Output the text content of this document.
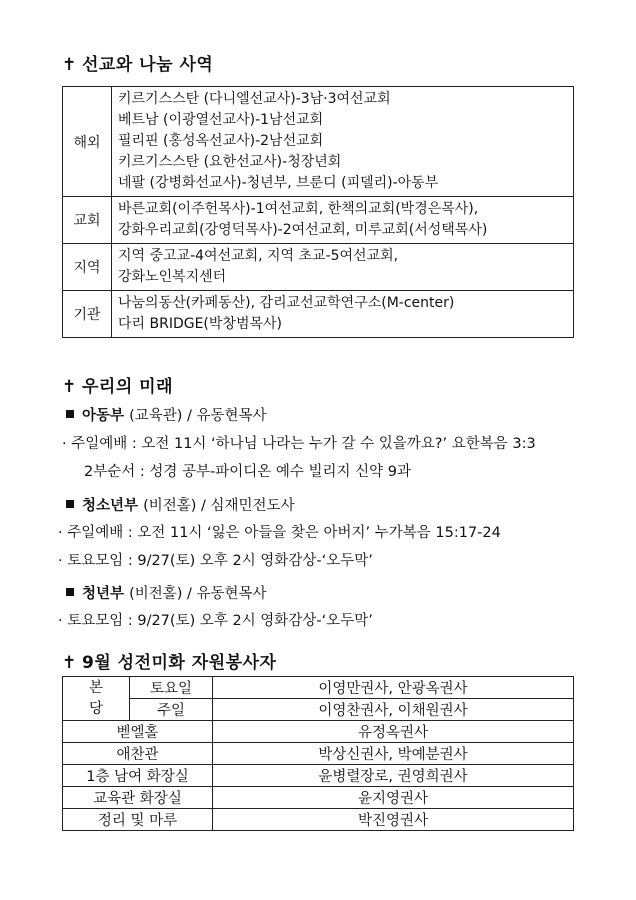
✝ 선교와 나눔 사역
해외	키르기스스탄 (다니엘선교사)-3남·3여선교회
베트남 (이광열선교사)-1남선교회
필리핀 (홍성옥선교사)-2남선교회
키르기스스탄 (요한선교사)-청장년회
네팔 (강병화선교사)-청년부, 브룬디 (피델리)-아동부

교회	바른교회(이주헌목사)-1여선교회, 한책의교회(박경은목사),
강화우리교회(강영덕목사)-2여선교회, 미루교회(서성택목사)

지역	지역 중고교-4여선교회, 지역 초교-5여선교회,
강화노인복지센터

기관	나눔의동산(카페동산), 감리교선교학연구소(M-center)
다리 BRIDGE(박창범목사)
✝ 우리의 미래
아동부 (교육관) / 유동현목사
· 주일예배 : 오전 11시 ‘하나님 나라는 누가 갈 수 있을까요?’ 요한복음 3:3
2부순서 : 성경 공부-파이디온 예수 빌리지 신약 9과
청소년부 (비전홀) / 심재민전도사
· 주일예배 : 오전 11시 ‘잃은 아들을 찾은 아버지’ 누가복음 15:17-24
· 토요모임 : 9/27(토) 오후 2시 영화감상-‘오두막’
청년부 (비전홀) / 유동현목사
· 토요모임 : 9/27(토) 오후 2시 영화감상-‘오두막’
✝ 9월 성전미화 자원봉사자
본
당	토요일	이영만권사, 안광옥권사
	주일	이영찬권사, 이채원권사
벧엘홀		유정옥권사
애찬관		박상신권사, 박예분권사
1층 남여 화장실		윤병렬장로, 권영희권사
교육관 화장실		윤지영권사
정리 및 마루		박진영권사
